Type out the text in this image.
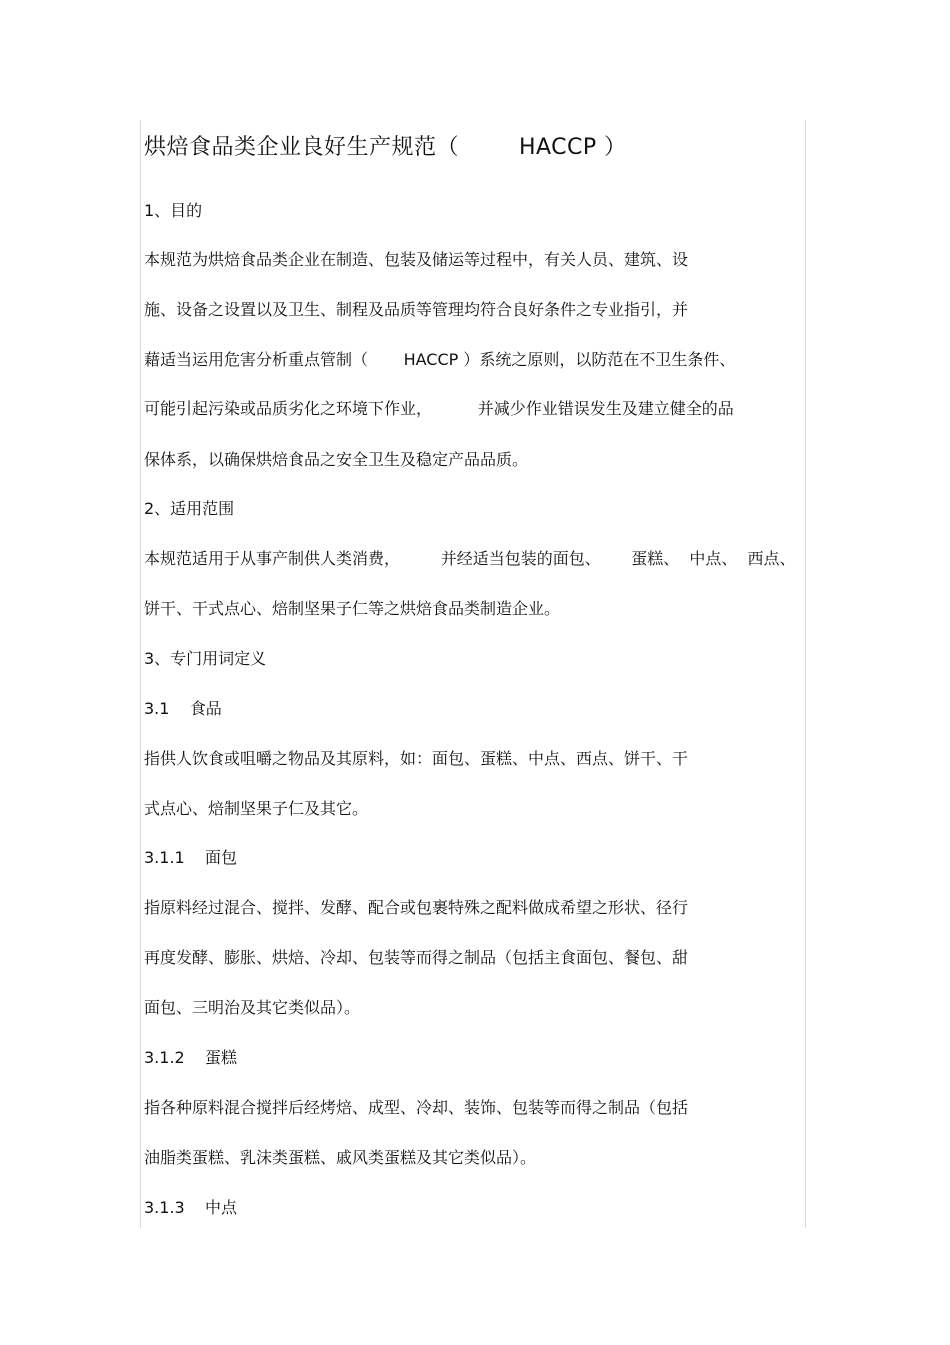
烘焙食品类企业良好生产规范（        HACCP ）
1、目的
本规范为烘焙食品类企业在制造、包装及储运等过程中，有关人员、建筑、设
施、设备之设置以及卫生、制程及品质等管理均符合良好条件之专业指引，并
藉适当运用危害分析重点管制（       HACCP ）系统之原则，以防范在不卫生条件、
可能引起污染或品质劣化之环境下作业，         并减少作业错误发生及建立健全的品
保体系，以确保烘焙食品之安全卫生及稳定产品品质。
2、适用范围
本规范适用于从事产制供人类消费，        并经适当包装的面包、      蛋糕、  中点、  西点、
饼干、干式点心、焙制坚果子仁等之烘焙食品类制造企业。
3、专门用词定义
3.1    食品
指供人饮食或咀嚼之物品及其原料，如：面包、蛋糕、中点、西点、饼干、干
式点心、焙制坚果子仁及其它。
3.1.1    面包
指原料经过混合、搅拌、发酵、配合或包裹特殊之配料做成希望之形状、径行
再度发酵、膨胀、烘焙、冷却、包装等而得之制品（包括主食面包、餐包、甜
面包、三明治及其它类似品）。
3.1.2    蛋糕
指各种原料混合搅拌后经烤焙、成型、冷却、装饰、包装等而得之制品（包括
油脂类蛋糕、乳沫类蛋糕、戚风类蛋糕及其它类似品）。
3.1.3    中点
